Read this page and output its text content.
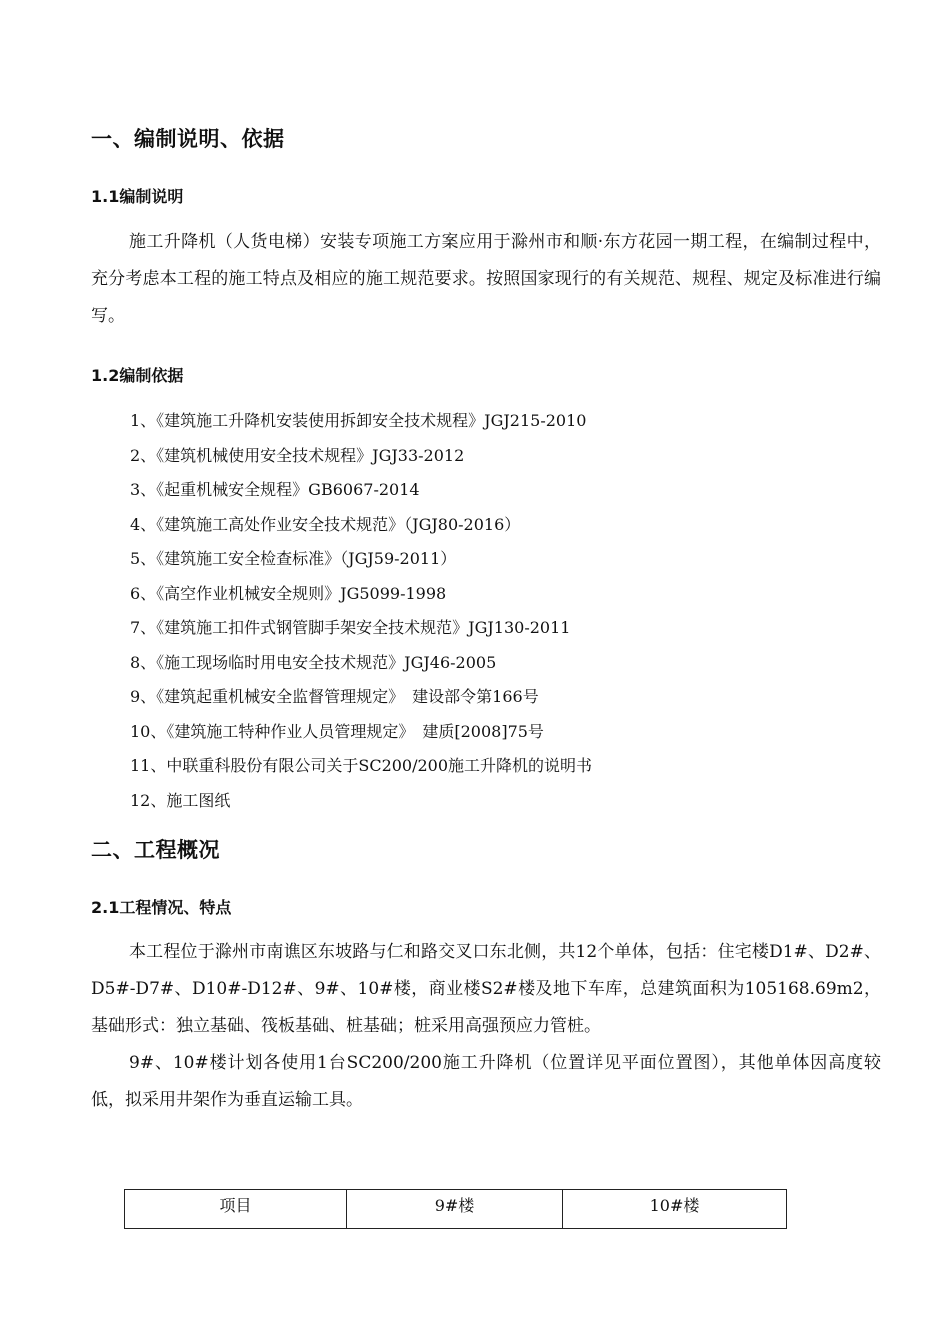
一、编制说明、依据
1.1编制说明
施工升降机（人货电梯）安装专项施工方案应用于滁州市和顺·东方花园一期工程，在编制过程中，充分考虑本工程的施工特点及相应的施工规范要求。按照国家现行的有关规范、规程、规定及标准进行编写。
1.2编制依据
1、《建筑施工升降机安装使用拆卸安全技术规程》JGJ215-2010
2、《建筑机械使用安全技术规程》JGJ33-2012
3、《起重机械安全规程》GB6067-2014
4、《建筑施工高处作业安全技术规范》（JGJ80-2016）
5、《建筑施工安全检查标准》（JGJ59-2011）
6、《高空作业机械安全规则》JG5099-1998
7、《建筑施工扣件式钢管脚手架安全技术规范》JGJ130-2011
8、《施工现场临时用电安全技术规范》JGJ46-2005
9、《建筑起重机械安全监督管理规定》　建设部令第166号
10、《建筑施工特种作业人员管理规定》　建质[2008]75号
11、中联重科股份有限公司关于SC200/200施工升降机的说明书
12、施工图纸
二、工程概况
2.1工程情况、特点
本工程位于滁州市南谯区东坡路与仁和路交叉口东北侧，共12个单体，包括：住宅楼D1#、D2#、D5#-D7#、D10#-D12#、9#、10#楼，商业楼S2#楼及地下车库，总建筑面积为105168.69m2，基础形式：独立基础、筏板基础、桩基础；桩采用高强预应力管桩。
9#、10#楼计划各使用1台SC200/200施工升降机（位置详见平面位置图），其他单体因高度较低，拟采用井架作为垂直运输工具。
项目	9#楼	10#楼
